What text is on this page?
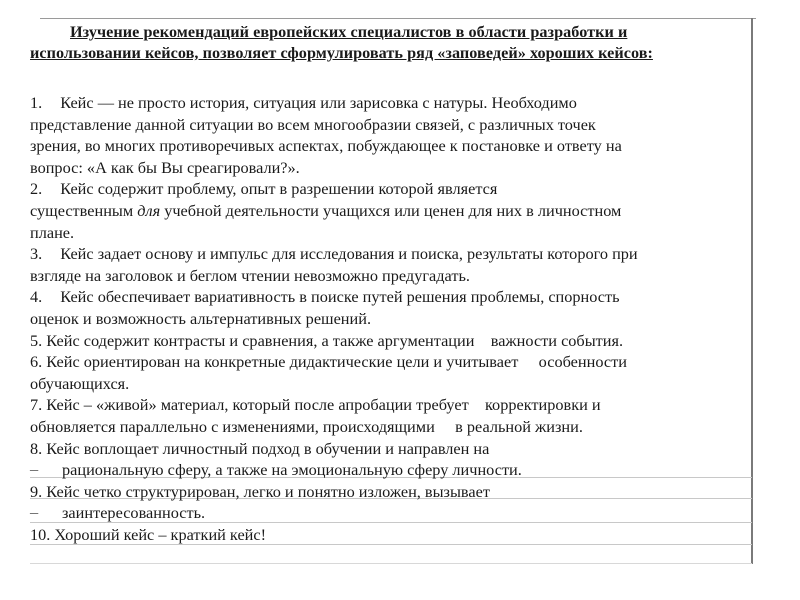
Изучение рекомендаций европейских специалистов в области разработки и
использовании кейсов, позволяет сформулировать ряд «заповедей» хороших кейсов:
1. Кейс — не просто история, ситуация или зарисовка с натуры. Необходимо
представление данной ситуации во всем многообразии связей, с различных точек
зрения, во многих противоречивых аспектах, побуждающее к постановке и ответу на
вопрос: «А как бы Вы среагировали?».
2. Кейс содержит проблему, опыт в разрешении которой является
существенным для учебной деятельности учащихся или ценен для них в личностном
плане.
3. Кейс задает основу и импульс для исследования и поиска, результаты которого при
взгляде на заголовок и беглом чтении невозможно предугадать.
4. Кейс обеспечивает вариативность в поиске путей решения проблемы, спорность
оценок и возможность альтернативных решений.
5. Кейс содержит контрасты и сравнения, а также аргументации    важности события.
6. Кейс ориентирован на конкретные дидактические цели и учитывает     особенности
обучающихся.
7. Кейс – «живой» материал, который после апробации требует    корректировки и
обновляется параллельно с изменениями, происходящими     в реальной жизни.
8. Кейс воплощает личностный подход в обучении и направлен на
_ рациональную сферу, а также на эмоциональную сферу личности.
9. Кейс четко структурирован, легко и понятно изложен, вызывает
_ заинтересованность.
10. Хороший кейс – краткий кейс!
